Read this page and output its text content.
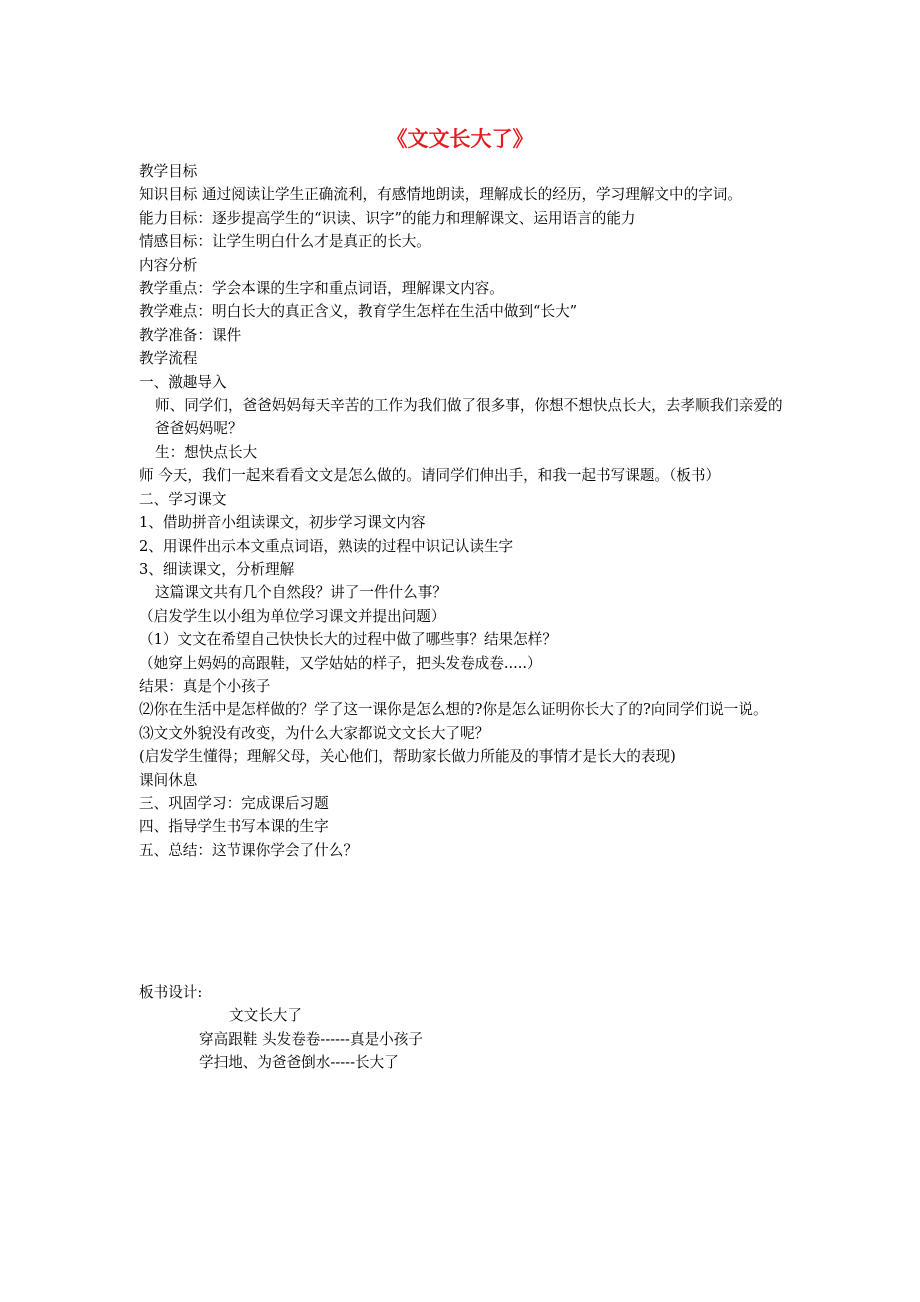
《文文长大了》

教学目标

知识目标 通过阅读让学生正确流利，有感情地朗读，理解成长的经历，学习理解文中的字词。

能力目标：逐步提高学生的“识读、识字”的能力和理解课文、运用语言的能力

情感目标：让学生明白什么才是真正的长大。

内容分析

教学重点：学会本课的生字和重点词语，理解课文内容。

教学难点：明白长大的真正含义，教育学生怎样在生活中做到“长大”

教学准备：课件

教学流程

一、激趣导入

师、同学们，爸爸妈妈每天辛苦的工作为我们做了很多事，你想不想快点长大，去孝顺我们亲爱的爸爸妈妈呢？

生：想快点长大

师 今天，我们一起来看看文文是怎么做的。请同学们伸出手，和我一起书写课题。（板书）

二、学习课文

1、借助拼音小组读课文，初步学习课文内容

2、用课件出示本文重点词语，熟读的过程中识记认读生字

3、细读课文，分析理解

这篇课文共有几个自然段？讲了一件什么事？

（启发学生以小组为单位学习课文并提出问题）

（1）文文在希望自己快快长大的过程中做了哪些事？结果怎样？

（她穿上妈妈的高跟鞋，又学姑姑的样子，把头发卷成卷.....）

结果：真是个小孩子

⑵你在生活中是怎样做的？学了这一课你是怎么想的?你是怎么证明你长大了的?向同学们说一说。

⑶文文外貌没有改变，为什么大家都说文文长大了呢？

(启发学生懂得；理解父母，关心他们，帮助家长做力所能及的事情才是长大的表现)

课间休息

三、巩固学习：完成课后习题

四、指导学生书写本课的生字

五、总结：这节课你学会了什么？

板书设计:

文文长大了

穿高跟鞋 头发卷卷------真是小孩子

学扫地、为爸爸倒水-----长大了
